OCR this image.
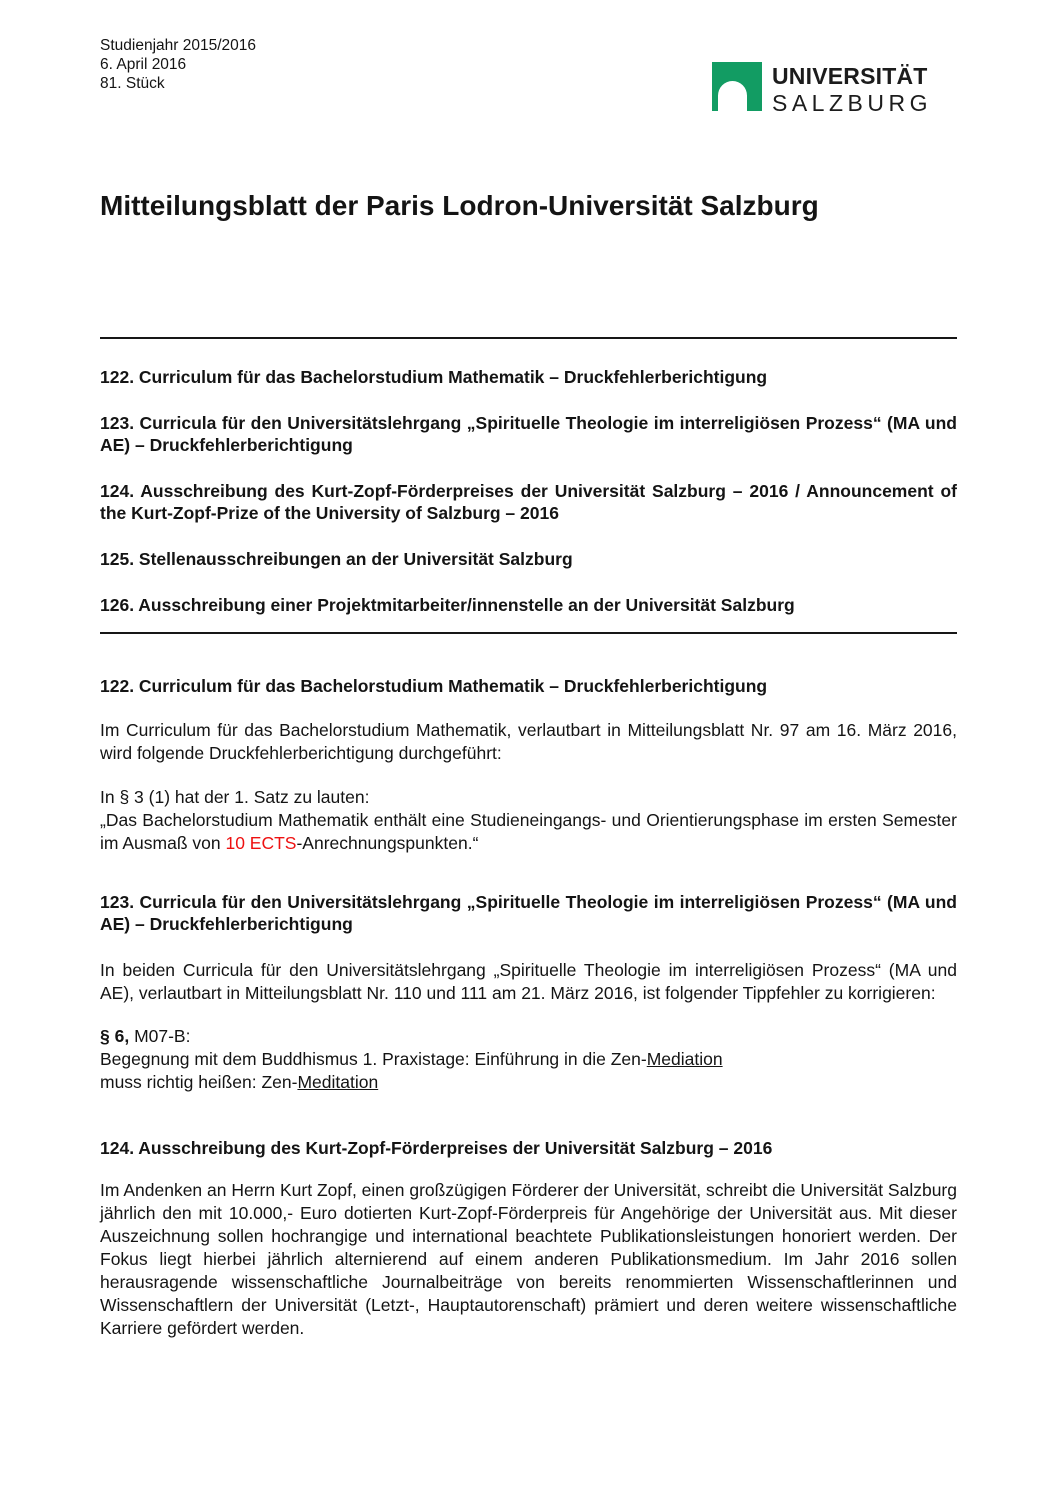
Studienjahr 2015/2016
6. April 2016
81. Stück	UNIVERSITÄT
SALZBURG
Mitteilungsblatt der Paris Lodron-Universität Salzburg
122. Curriculum für das Bachelorstudium Mathematik – Druckfehlerberichtigung
123. Curricula für den Universitätslehrgang „Spirituelle Theologie im interreligiösen Prozess“ (MA und AE) – Druckfehlerberichtigung
124. Ausschreibung des Kurt-Zopf-Förderpreises der Universität Salzburg – 2016 / Announcement of the Kurt-Zopf-Prize of the University of Salzburg – 2016
125. Stellenausschreibungen an der Universität Salzburg
126. Ausschreibung einer Projektmitarbeiter/innenstelle an der Universität Salzburg
122. Curriculum für das Bachelorstudium Mathematik – Druckfehlerberichtigung

Im Curriculum für das Bachelorstudium Mathematik, verlautbart in Mitteilungsblatt Nr. 97 am 16. März 2016, wird folgende Druckfehlerberichtigung durchgeführt:

In § 3 (1) hat der 1. Satz zu lauten:
„Das Bachelorstudium Mathematik enthält eine Studieneingangs- und Orientierungsphase im ersten Semester im Ausmaß von 10 ECTS-Anrechnungspunkten.“
123. Curricula für den Universitätslehrgang „Spirituelle Theologie im interreligiösen Prozess“ (MA und AE) – Druckfehlerberichtigung

In beiden Curricula für den Universitätslehrgang „Spirituelle Theologie im interreligiösen Prozess“ (MA und AE), verlautbart in Mitteilungsblatt Nr. 110 und 111 am 21. März 2016, ist folgender Tippfehler zu korrigieren:

§ 6, M07-B:
Begegnung mit dem Buddhismus 1. Praxistage: Einführung in die Zen-Mediation
muss richtig heißen: Zen-Meditation
124. Ausschreibung des Kurt-Zopf-Förderpreises der Universität Salzburg – 2016

Im Andenken an Herrn Kurt Zopf, einen großzügigen Förderer der Universität, schreibt die Universität Salzburg jährlich den mit 10.000,- Euro dotierten Kurt-Zopf-Förderpreis für Angehörige der Universität aus. Mit dieser Auszeichnung sollen hochrangige und international beachtete Publikationsleistungen honoriert werden. Der Fokus liegt hierbei jährlich alternierend auf einem anderen Publikationsmedium. Im Jahr 2016 sollen herausragende wissenschaftliche Journalbeiträge von bereits renommierten Wissenschaftlerinnen und Wissenschaftlern der Universität (Letzt-, Hauptautorenschaft) prämiert und deren weitere wissenschaftliche Karriere gefördert werden.
